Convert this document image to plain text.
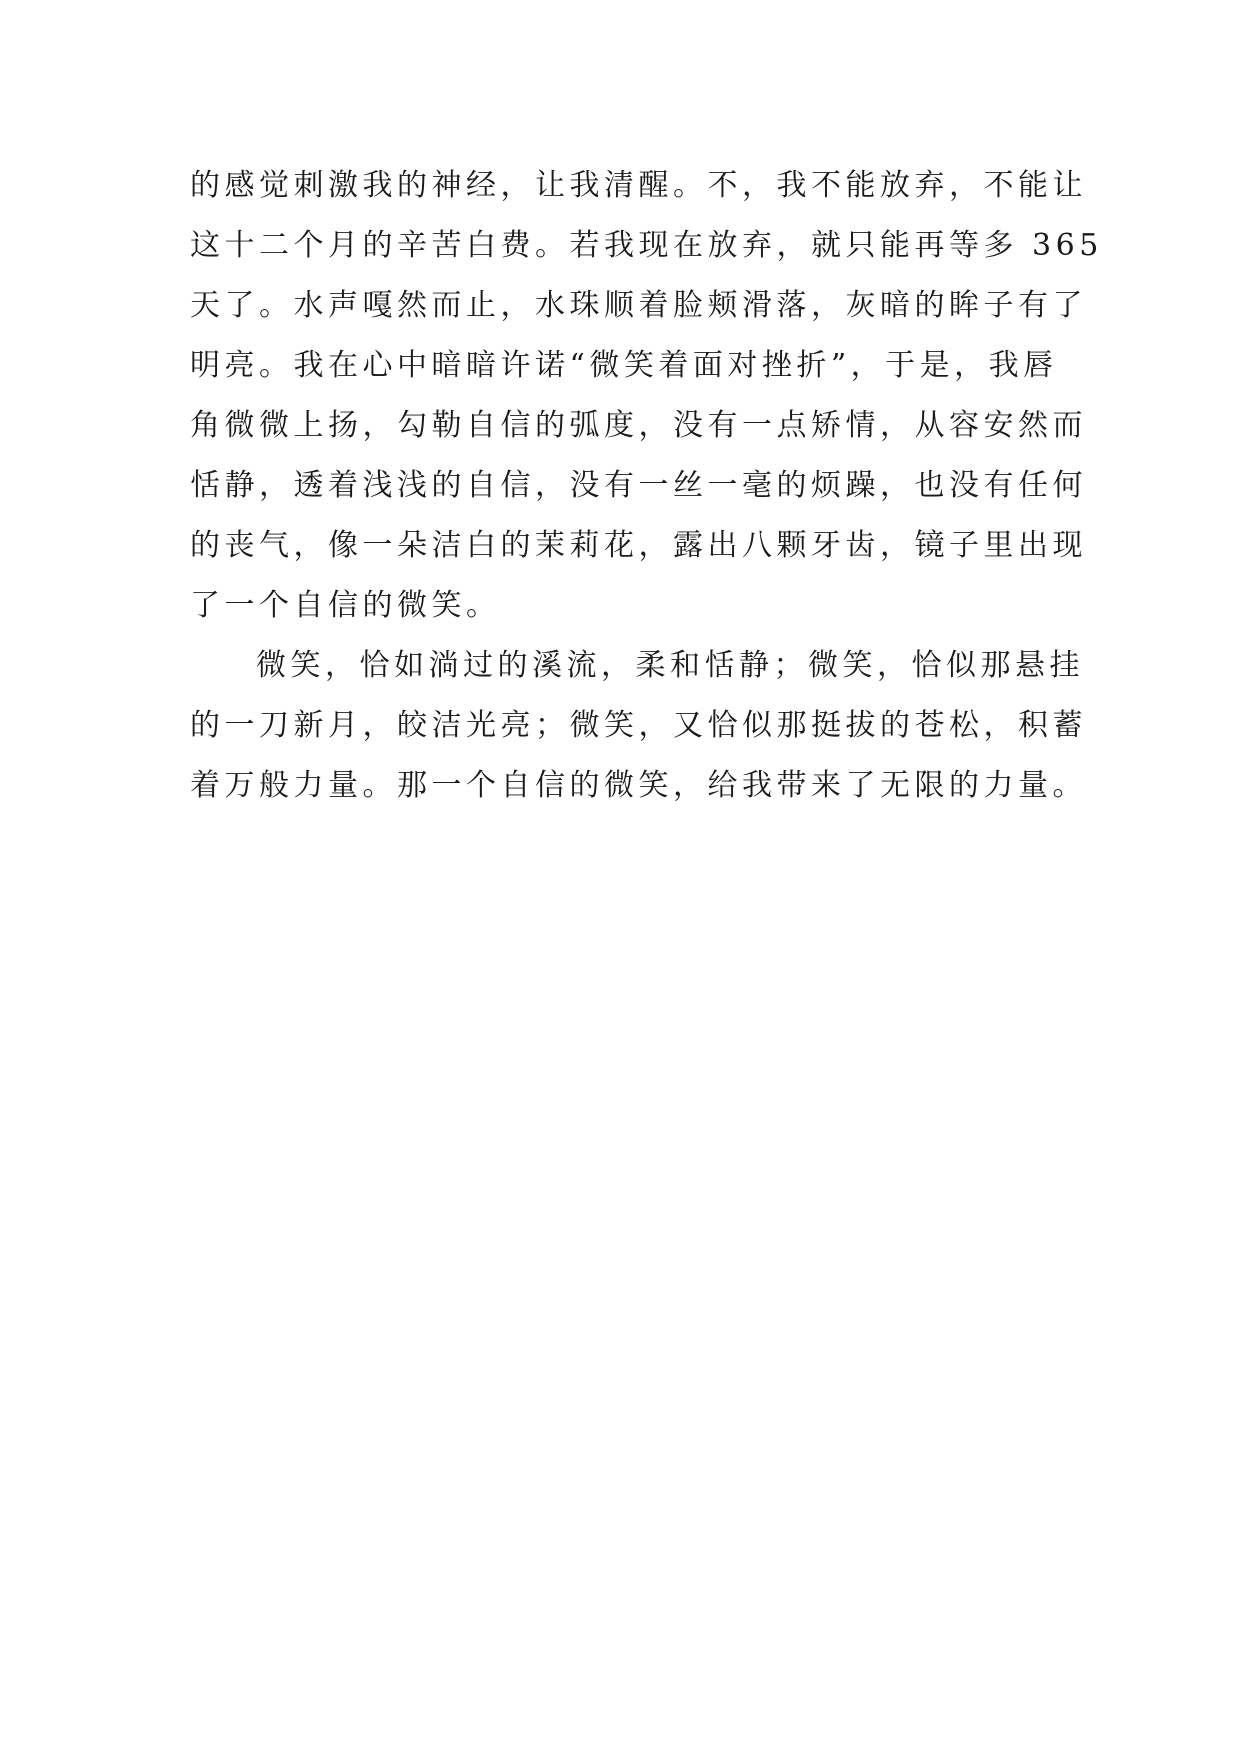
的感觉刺激我的神经，让我清醒。不，我不能放弃，不能让
这十二个月的辛苦白费。若我现在放弃，就只能再等多 365
天了。水声嘎然而止，水珠顺着脸颊滑落，灰暗的眸子有了
明亮。我在心中暗暗许诺“微笑着面对挫折”，于是，我唇
角微微上扬，勾勒自信的弧度，没有一点矫情，从容安然而
恬静，透着浅浅的自信，没有一丝一毫的烦躁，也没有任何
的丧气，像一朵洁白的茉莉花，露出八颗牙齿，镜子里出现
了一个自信的微笑。
微笑，恰如淌过的溪流，柔和恬静；微笑，恰似那悬挂
的一刀新月，皎洁光亮；微笑，又恰似那挺拔的苍松，积蓄
着万般力量。那一个自信的微笑，给我带来了无限的力量。
